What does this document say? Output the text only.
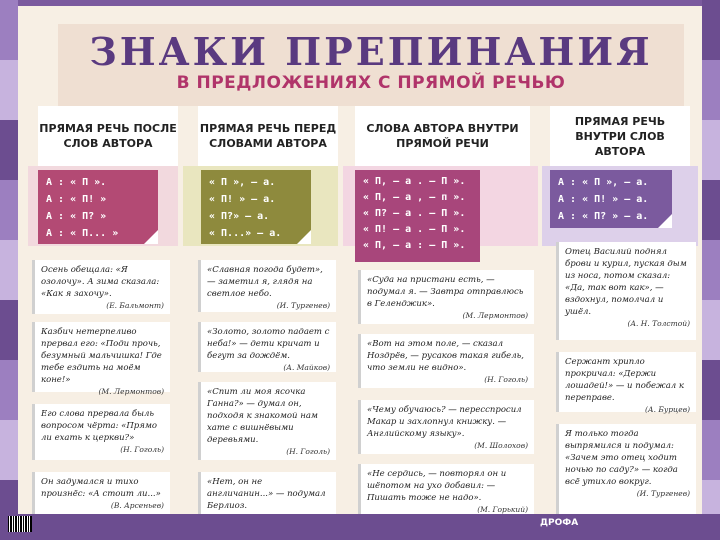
ЗНАКИ ПРЕПИНАНИЯ
В ПРЕДЛОЖЕНИЯХ С ПРЯМОЙ РЕЧЬЮ
ПРЯМАЯ РЕЧЬ ПОСЛЕ СЛОВ АВТОРА
А : « П ».
А : « П! »
А : « П? »
А : « П... »
ПРЯМАЯ РЕЧЬ ПЕРЕД СЛОВАМИ АВТОРА
« П », — а.
« П! » — а.
« П?» — а.
« П...» — а.
СЛОВА АВТОРА ВНУТРИ ПРЯМОЙ РЕЧИ
« П, — а . — П ».
« П, — а , — п ».
« П? — а . — П ».
« П! — а . — П ».
« П, — а : — П ».
ПРЯМАЯ РЕЧЬ ВНУТРИ СЛОВ АВТОРА
А : « П », — а.
А : « П! » — а.
А : « П? » — а.
Осень обещала: «Я озолочу». А зима сказала: «Как я захочу».
(Е. Бальмонт)
Казбич нетерпеливо прервал его: «Поди прочь, безумный мальчишка! Где тебе ездить на моём коне!»
(М. Лермонтов)
Его слова прервала быль вопросом чёрта: «Прямо ли ехать к церкви?»
(Н. Гоголь)
Он задумался и тихо произнёс: «А стоит ли...»
(В. Арсеньев)
«Славная погода будет», — заметил я, глядя на светлое небо.
(И. Тургенев)
«Золото, золото падает с неба!» — дети кричат и бегут за дождём.
(А. Майков)
«Спит ли моя ясочка Ганна?» — думал он, подходя к знакомой нам хате с вишнёвыми деревьями.
(Н. Гоголь)
«Нет, он не англичанин...» — подумал Берлиоз.
«Суда на пристани есть, — подумал я. — Завтра отправлюсь в Геленджик».
(М. Лермонтов)
«Вот на этом поле, — сказал Ноздрёв, — русаков такая гибель, что земли не видно».
(Н. Гоголь)
«Чему обучаюсь? — пересспросил Макар и захлопнул книжку. — Английскому языку».
(М. Шолохов)
«Не сердись, — повторял он и шёпотом на ухо добавил: — Пишать тоже не надо».
(М. Горький)
Отец Василий поднял брови и курил, пуская дым из носа, потом сказал: «Да, так вот как», — вздохнул, помолчал и ушёл.
(А. Н. Толстой)
Сержант хрипло прокричал: «Держи лошадей!» — и побежал к переправе.
(А. Бурцев)
Я только тогда выпрямился и подумал: «Зачем это отец ходит ночью по саду?» — когда всё утихло вокруг.
(И. Тургенев)
ДРОФА
